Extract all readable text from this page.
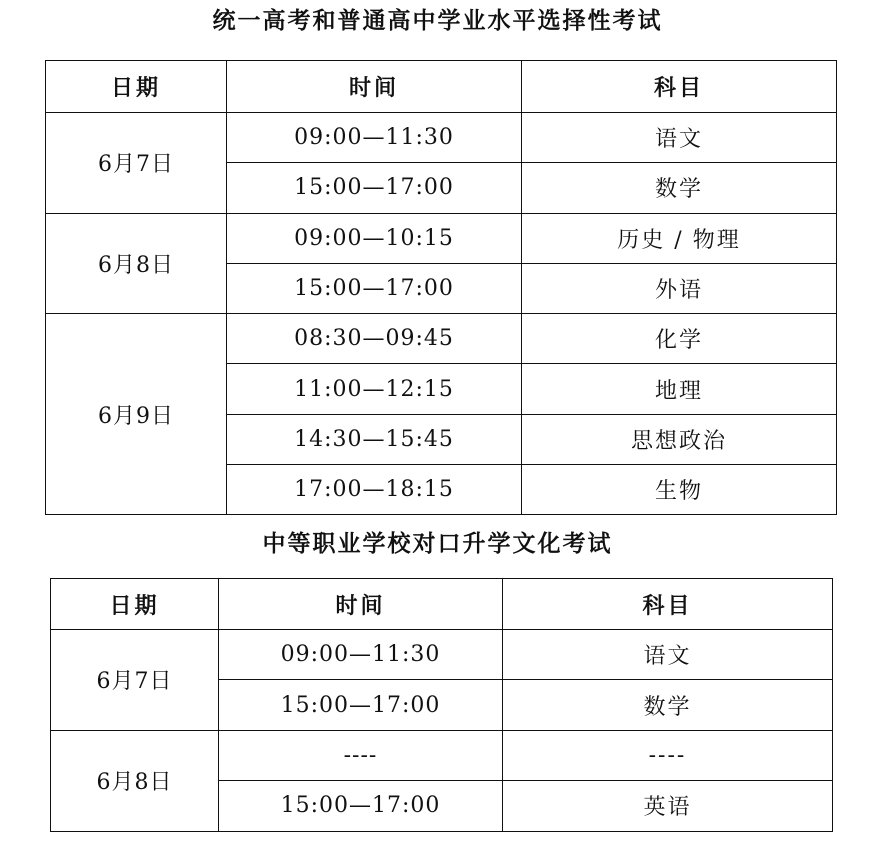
统一高考和普通高中学业水平选择性考试
日期	时间	科目
6月7日	09:00—11:30	语文
	15:00—17:00	数学
6月8日	09:00—10:15	历史 / 物理
	15:00—17:00	外语
6月9日	08:30—09:45	化学
	11:00—12:15	地理
	14:30—15:45	思想政治
	17:00—18:15	生物
中等职业学校对口升学文化考试
日期	时间	科目
6月7日	09:00—11:30	语文
	15:00—17:00	数学
6月8日	----	----
	15:00—17:00	英语
